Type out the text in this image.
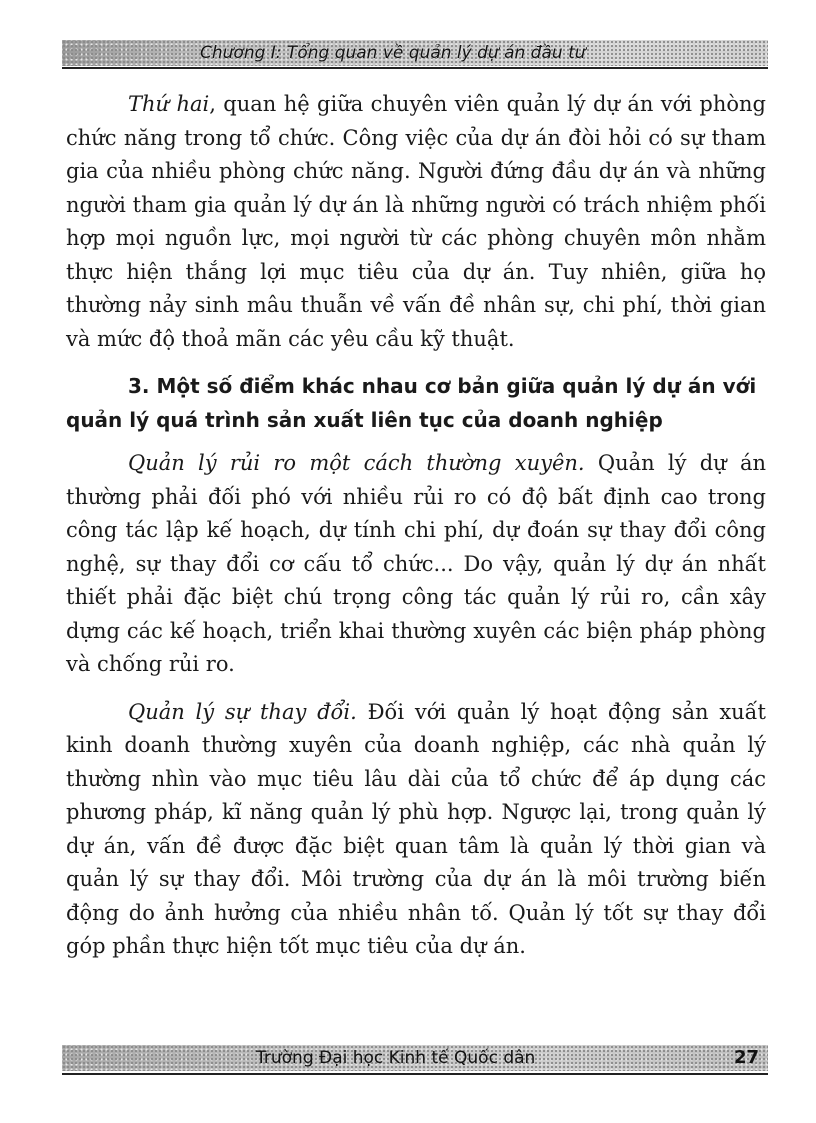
Chương I: Tổng quan về quản lý dự án đầu tư

Thứ hai, quan hệ giữa chuyên viên quản lý dự án với phòng chức năng trong tổ chức. Công việc của dự án đòi hỏi có sự tham gia của nhiều phòng chức năng. Người đứng đầu dự án và những người tham gia quản lý dự án là những người có trách nhiệm phối hợp mọi nguồn lực, mọi người từ các phòng chuyên môn nhằm thực hiện thắng lợi mục tiêu của dự án. Tuy nhiên, giữa họ thường nảy sinh mâu thuẫn về vấn đề nhân sự, chi phí, thời gian và mức độ thoả mãn các yêu cầu kỹ thuật.

3. Một số điểm khác nhau cơ bản giữa quản lý dự án với quản lý quá trình sản xuất liên tục của doanh nghiệp

Quản lý rủi ro một cách thường xuyên. Quản lý dự án thường phải đối phó với nhiều rủi ro có độ bất định cao trong công tác lập kế hoạch, dự tính chi phí, dự đoán sự thay đổi công nghệ, sự thay đổi cơ cấu tổ chức... Do vậy, quản lý dự án nhất thiết phải đặc biệt chú trọng công tác quản lý rủi ro, cần xây dựng các kế hoạch, triển khai thường xuyên các biện pháp phòng và chống rủi ro.

Quản lý sự thay đổi. Đối với quản lý hoạt động sản xuất kinh doanh thường xuyên của doanh nghiệp, các nhà quản lý thường nhìn vào mục tiêu lâu dài của tổ chức để áp dụng các phương pháp, kĩ năng quản lý phù hợp. Ngược lại, trong quản lý dự án, vấn đề được đặc biệt quan tâm là quản lý thời gian và quản lý sự thay đổi. Môi trường của dự án là môi trường biến động do ảnh hưởng của nhiều nhân tố. Quản lý tốt sự thay đổi góp phần thực hiện tốt mục tiêu của dự án.

Trường Đại học Kinh tế Quốc dân	27
